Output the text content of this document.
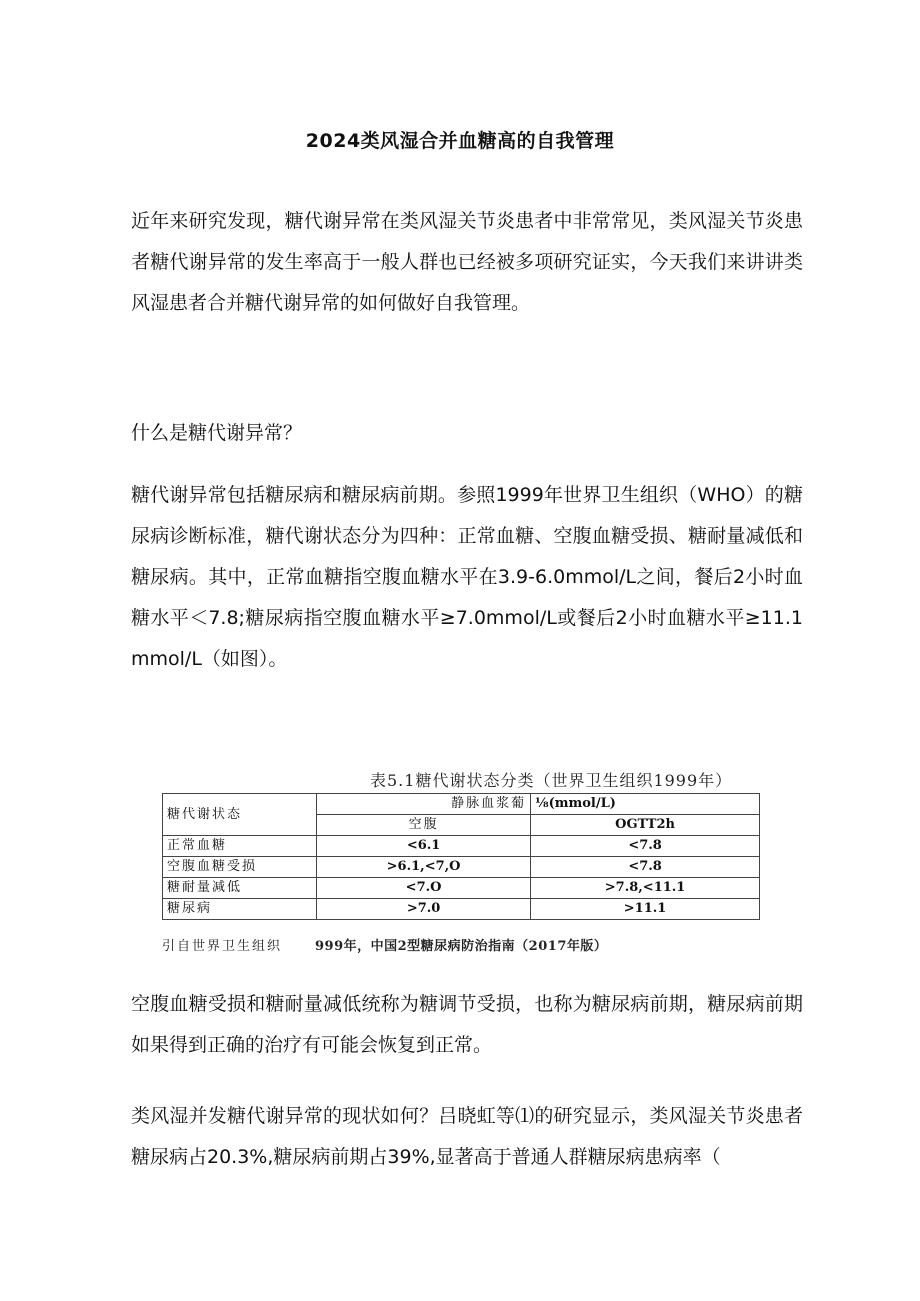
2024类风湿合并血糖高的自我管理

近年来研究发现，糖代谢异常在类风湿关节炎患者中非常常见，类风湿关节炎患者糖代谢异常的发生率高于一般人群也已经被多项研究证实，今天我们来讲讲类风湿患者合并糖代谢异常的如何做好自我管理。

什么是糖代谢异常？

糖代谢异常包括糖尿病和糖尿病前期。参照1999年世界卫生组织（WHO）的糖尿病诊断标准，糖代谢状态分为四种：正常血糖、空腹血糖受损、糖耐量减低和糖尿病。其中，正常血糖指空腹血糖水平在3.9-6.0mmol∕L之间，餐后2小时血糖水平＜7.8;糖尿病指空腹血糖水平≥7.0mmol/L或餐后2小时血糖水平≥11.1mmol/L（如图）。

表5.1糖代谢状态分类（世界卫生组织1999年）
糖代谢状态	静脉血浆葡	⅛(mmol/L)
	空腹	OGTT2h
正常血糖	<6.1	<7.8
空腹血糖受损	>6.1,<7,O	<7.8
糖耐量减低	<7.O	>7.8,<11.1
糖尿病	>7.0	>11.1
引自世界卫生组织	999年，中国2型糖尿病防治指南（2017年版）

空腹血糖受损和糖耐量减低统称为糖调节受损，也称为糖尿病前期，糖尿病前期如果得到正确的治疗有可能会恢复到正常。

类风湿并发糖代谢异常的现状如何？吕晓虹等⑴的研究显示，类风湿关节炎患者糖尿病占20.3%,糖尿病前期占39%,显著高于普通人群糖尿病患病率（
